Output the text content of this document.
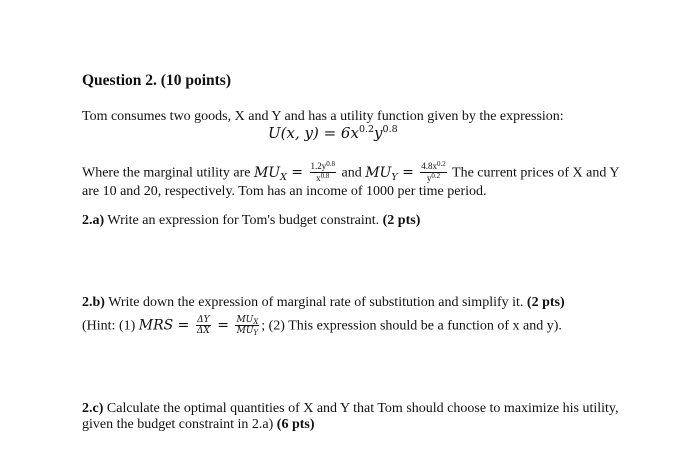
Question 2. (10 points)
Tom consumes two goods, X and Y and has a utility function given by the expression:
U(x, $y) = 6x^{0.2}y^{0.8}$
Where the marginal utility are $MU_X = \frac{1.2y^{0.8}}{x^{0.8}}$ and $MU_Y = \frac{4.8x^{0.2}}{y^{0.2}}$ The current prices of X and Y
are 10 and 20, respectively. Tom has an income of 1000 per time period.
2.a) Write an expression for Tom's budget constraint. (2 pts)
2.b) Write down the expression of marginal rate of substitution and simplify it. (2 pts)
(Hint: (1) MRS = $\frac{\Delta Y}{\Delta X} = \frac{MU_X}{MU_Y}$ ; (2) This expression should be a function of x and y).
2.c) Calculate the optimal quantities of X and Y that Tom should choose to maximize his utility,
given the budget constraint in 2.a) (6 pts)
